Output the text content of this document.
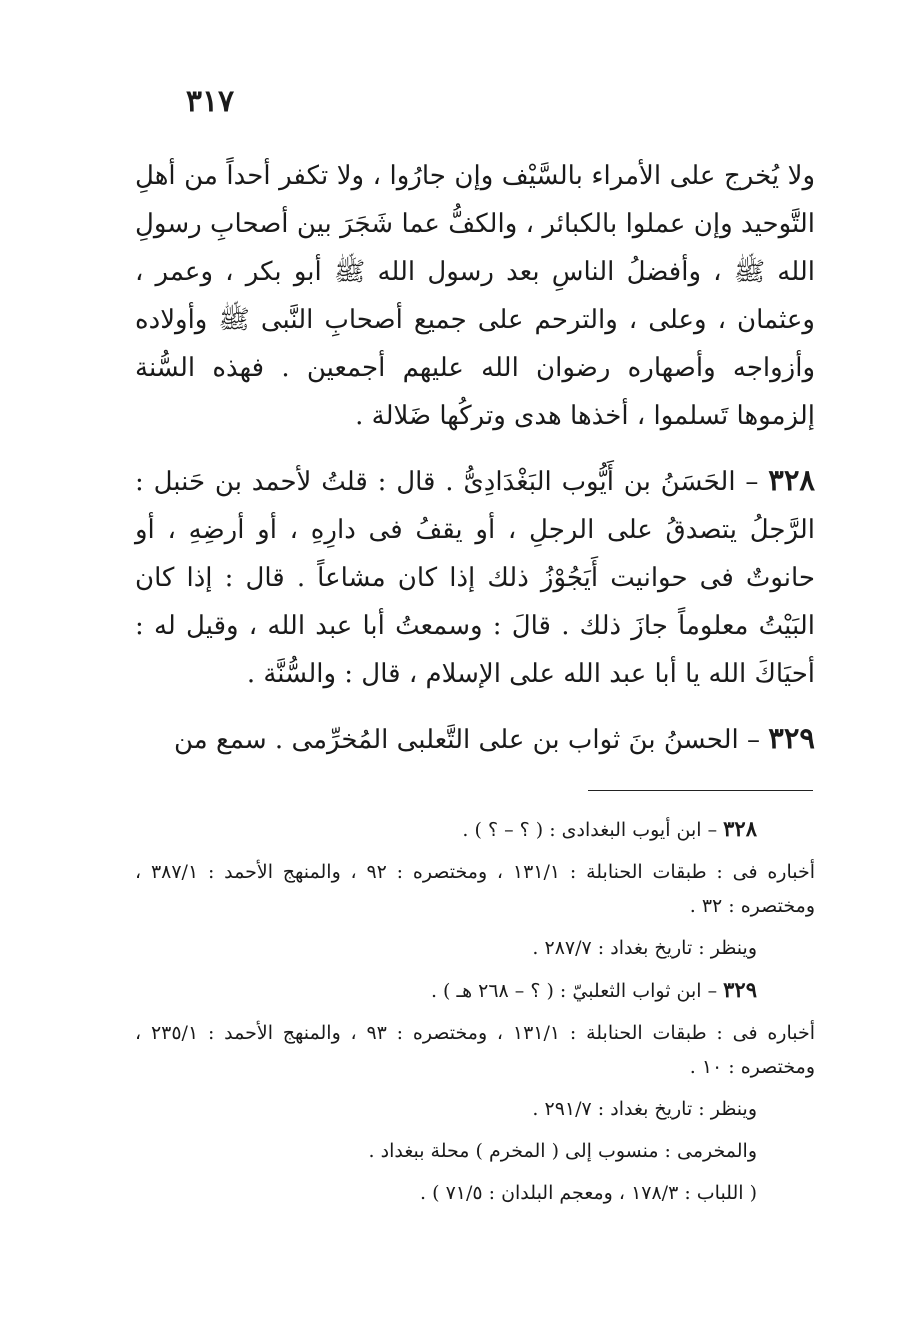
٣١٧

ولا يُخرج على الأمراء بالسَّيْف وإن جارُوا ، ولا تكفر أحداً من أهلِ التَّوحيد وإن عملوا بالكبائر ، والكفُّ عما شَجَرَ بين أصحابِ رسولِ الله ﷺ ، وأفضلُ الناسِ بعد رسول الله ﷺ أبو بكر ، وعمر ، وعثمان ، وعلى ، والترحم على جميع أصحابِ النَّبى ﷺ وأولاده وأزواجه وأصهاره رضوان الله عليهم أجمعين . فهذه السُّنة إلزموها تَسلموا ، أخذها هدى وتركُها ضَلالة .

٣٢٨ – الحَسَنُ بن أَيُّوب البَغْدَادِىُّ . قال : قلتُ لأحمد بن حَنبل : الرَّجلُ يتصدقُ على الرجلِ ، أو يقفُ فى دارِهِ ، أو أرضِهِ ، أو حانوتٌ فى حوانيت أَيَجُوْزُ ذلك إذا كان مشاعاً . قال : إذا كان البَيْتُ معلوماً جازَ ذلك . قالَ : وسمعتُ أبا عبد الله ، وقيل له : أحيَاكَ الله يا أبا عبد الله على الإسلام ، قال : والسُّنَّة .

٣٢٩ – الحسنُ بنَ ثواب بن على التَّعلبى المُخرِّمى . سمع من

٣٢٨ – ابن أيوب البغدادى : ( ؟ – ؟ ) .

أخباره فى : طبقات الحنابلة : ١٣١/١ ، ومختصره : ٩٢ ، والمنهج الأحمد : ٣٨٧/١ ، ومختصره : ٣٢ .

وينظر : تاريخ بغداد : ٢٨٧/٧ .

٣٢٩ – ابن ثواب الثعلبيّ : ( ؟ – ٢٦٨ هـ ) .

أخباره فى : طبقات الحنابلة : ١٣١/١ ، ومختصره : ٩٣ ، والمنهج الأحمد : ٢٣٥/١ ، ومختصره : ١٠ .

وينظر : تاريخ بغداد : ٢٩١/٧ .

والمخرمى : منسوب إلى ( المخرم ) محلة ببغداد .

( اللباب : ١٧٨/٣ ، ومعجم البلدان : ٧١/٥ ) .
